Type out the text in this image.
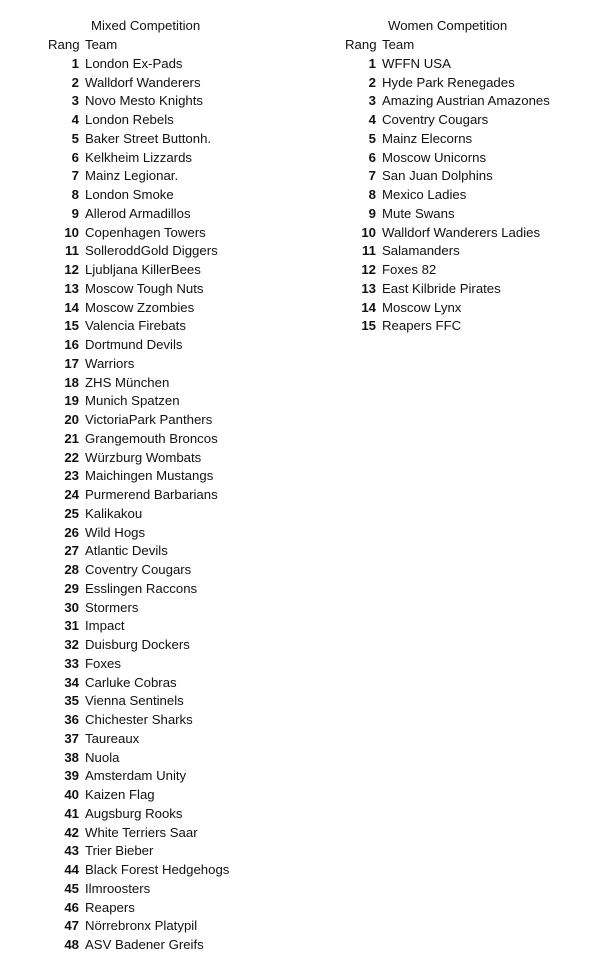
Mixed Competition
Rang Team
1 London Ex-Pads
2 Walldorf Wanderers
3 Novo Mesto Knights
4 London Rebels
5 Baker Street Buttonh.
6 Kelkheim Lizzards
7 Mainz Legionar.
8 London Smoke
9 Allerod Armadillos
10 Copenhagen Towers
11 SolleroddGold Diggers
12 Ljubljana KillerBees
13 Moscow Tough Nuts
14 Moscow Zzombies
15 Valencia Firebats
16 Dortmund Devils
17 Warriors
18 ZHS München
19 Munich Spatzen
20 VictoriaPark Panthers
21 Grangemouth Broncos
22 Würzburg Wombats
23 Maichingen Mustangs
24 Purmerend Barbarians
25 Kalikakou
26 Wild Hogs
27 Atlantic Devils
28 Coventry Cougars
29 Esslingen Raccons
30 Stormers
31 Impact
32 Duisburg Dockers
33 Foxes
34 Carluke Cobras
35 Vienna Sentinels
36 Chichester Sharks
37 Taureaux
38 Nuola
39 Amsterdam Unity
40 Kaizen Flag
41 Augsburg Rooks
42 White Terriers Saar
43 Trier Bieber
44 Black Forest Hedgehogs
45 Ilmroosters
46 Reapers
47 Nörrebronx Platypil
48 ASV Badener Greifs
Women Competition
Rang Team
1 WFFN USA
2 Hyde Park Renegades
3 Amazing Austrian Amazones
4 Coventry Cougars
5 Mainz Elecorns
6 Moscow Unicorns
7 San Juan Dolphins
8 Mexico Ladies
9 Mute Swans
10 Walldorf Wanderers Ladies
11 Salamanders
12 Foxes 82
13 East Kilbride Pirates
14 Moscow Lynx
15 Reapers FFC
